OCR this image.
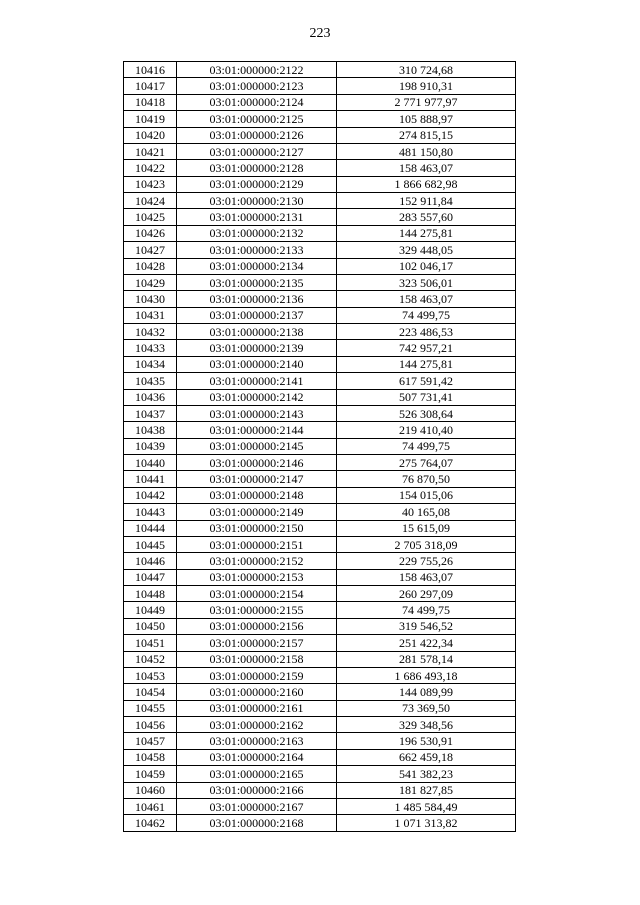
223
10416	03:01:000000:2122	310 724,68
10417	03:01:000000:2123	198 910,31
10418	03:01:000000:2124	2 771 977,97
10419	03:01:000000:2125	105 888,97
10420	03:01:000000:2126	274 815,15
10421	03:01:000000:2127	481 150,80
10422	03:01:000000:2128	158 463,07
10423	03:01:000000:2129	1 866 682,98
10424	03:01:000000:2130	152 911,84
10425	03:01:000000:2131	283 557,60
10426	03:01:000000:2132	144 275,81
10427	03:01:000000:2133	329 448,05
10428	03:01:000000:2134	102 046,17
10429	03:01:000000:2135	323 506,01
10430	03:01:000000:2136	158 463,07
10431	03:01:000000:2137	74 499,75
10432	03:01:000000:2138	223 486,53
10433	03:01:000000:2139	742 957,21
10434	03:01:000000:2140	144 275,81
10435	03:01:000000:2141	617 591,42
10436	03:01:000000:2142	507 731,41
10437	03:01:000000:2143	526 308,64
10438	03:01:000000:2144	219 410,40
10439	03:01:000000:2145	74 499,75
10440	03:01:000000:2146	275 764,07
10441	03:01:000000:2147	76 870,50
10442	03:01:000000:2148	154 015,06
10443	03:01:000000:2149	40 165,08
10444	03:01:000000:2150	15 615,09
10445	03:01:000000:2151	2 705 318,09
10446	03:01:000000:2152	229 755,26
10447	03:01:000000:2153	158 463,07
10448	03:01:000000:2154	260 297,09
10449	03:01:000000:2155	74 499,75
10450	03:01:000000:2156	319 546,52
10451	03:01:000000:2157	251 422,34
10452	03:01:000000:2158	281 578,14
10453	03:01:000000:2159	1 686 493,18
10454	03:01:000000:2160	144 089,99
10455	03:01:000000:2161	73 369,50
10456	03:01:000000:2162	329 348,56
10457	03:01:000000:2163	196 530,91
10458	03:01:000000:2164	662 459,18
10459	03:01:000000:2165	541 382,23
10460	03:01:000000:2166	181 827,85
10461	03:01:000000:2167	1 485 584,49
10462	03:01:000000:2168	1 071 313,82
